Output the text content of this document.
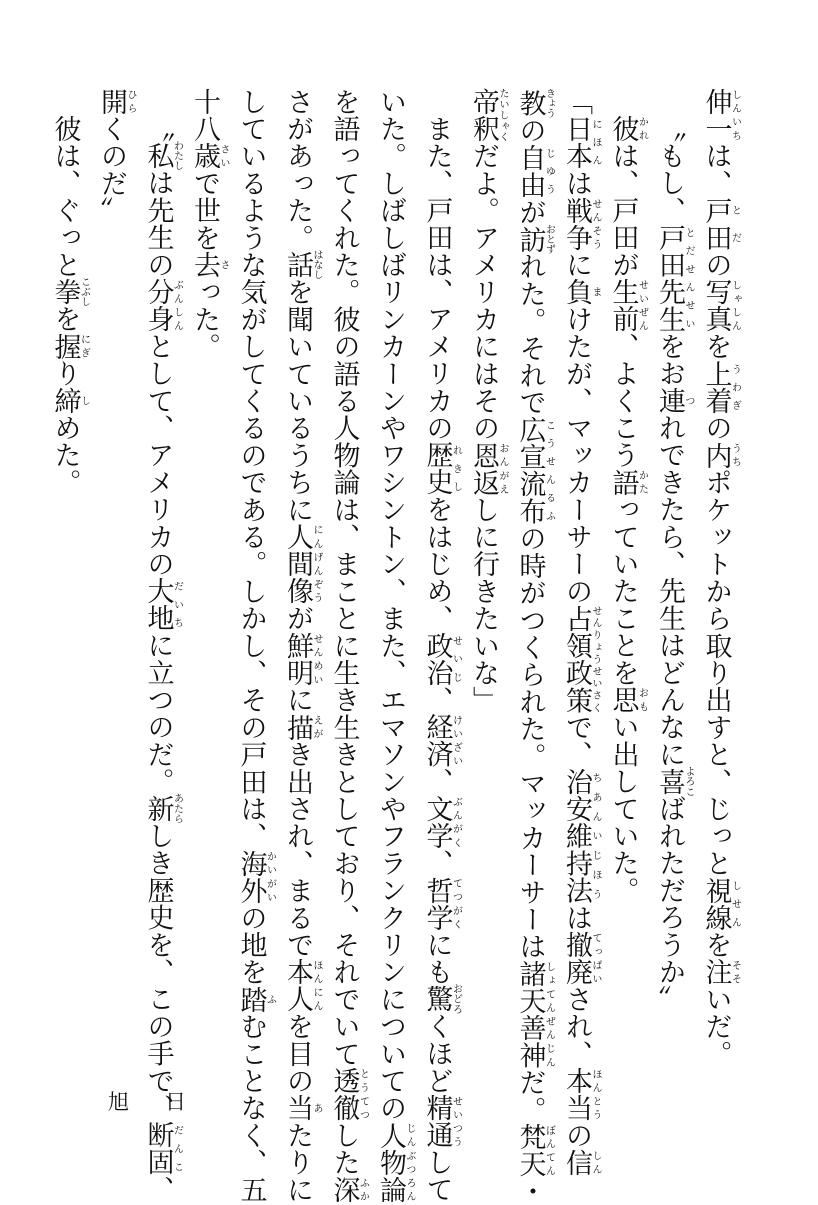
伸一しんいちは、戸と田だの写真しゃしんを上着うわぎの内うちポケットから取り出すと、じっと視線しせんを注そそいだ。
〝もし、戸田先生とだせんせいをお連つれできたら、先生はどんなに喜よろこばれただろうか〟
彼かれは、戸田が生前せいぜん、よくこう語かたっていたことを思おもい出していた。
「日本にほんは戦争せんそうに負まけたが、マッカーサーの占領政策せんりょうせいさくで、治安維持法ちあんいじほうは撤廃てっぱいされ、本当ほんとうの信しん
教きょうの自由じゆうが訪おとずれた。それで広宣流布こうせんるふの時がつくられた。マッカーサーは諸天善神しょてんぜんじんだ。梵天ぼんてん・
帝釈たいしゃくだよ。アメリカにはその恩返おんがえしに行きたいな」
また、戸田は、アメリカの歴史れきしをはじめ、政治せいじ、経済けいざい、文学ぶんがく、哲学てつがくにも驚おどろくほど精通せいつうして
いた。しばしばリンカーンやワシントン、また、エマソンやフランクリンについての人物論じんぶつろん
を語ってくれた。彼の語る人物論は、まことに生き生きとしており、それでいて透徹とうてつした深ふか
さがあった。話はなしを聞いているうちに人間像にんげんぞうが鮮明せんめいに描えがき出され、まるで本人ほんにんを目の当あたりに
しているような気がしてくるのである。しかし、その戸田は、海外かいがいの地を踏ふむことなく、五
十八歳さいで世を去さった。
〝私わたしは先生の分身ぶんしんとして、アメリカの大地だいちに立つのだ。新あたらしき歴史を、この手で、断固だんこ、
開ひらくのだ〟
彼は、ぐっと拳こぶしを握にぎり締しめた。
旭日
